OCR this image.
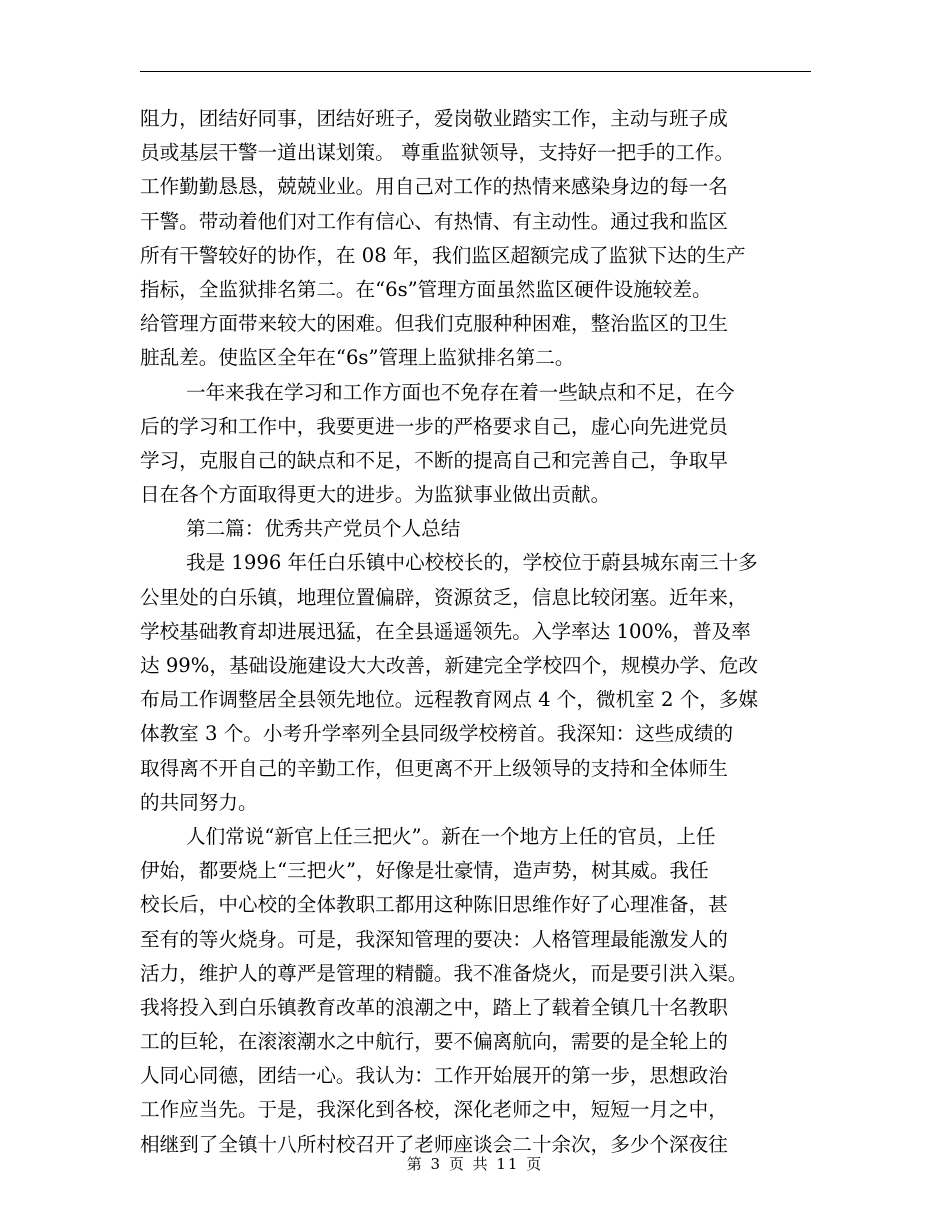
阻力，团结好同事，团结好班子，爱岗敬业踏实工作，主动与班子成
员或基层干警一道出谋划策。 尊重监狱领导，支持好一把手的工作。
工作勤勤恳恳，兢兢业业。用自己对工作的热情来感染身边的每一名
干警。带动着他们对工作有信心、有热情、有主动性。通过我和监区
所有干警较好的协作，在 08 年，我们监区超额完成了监狱下达的生产
指标，全监狱排名第二。在“6s”管理方面虽然监区硬件设施较差。
给管理方面带来较大的困难。但我们克服种种困难，整治监区的卫生
脏乱差。使监区全年在“6s”管理上监狱排名第二。
一年来我在学习和工作方面也不免存在着一些缺点和不足，在今
后的学习和工作中，我要更进一步的严格要求自己，虚心向先进党员
学习，克服自己的缺点和不足，不断的提高自己和完善自己，争取早
日在各个方面取得更大的进步。为监狱事业做出贡献。
第二篇：优秀共产党员个人总结
我是 1996 年任白乐镇中心校校长的，学校位于蔚县城东南三十多
公里处的白乐镇，地理位置偏辟，资源贫乏，信息比较闭塞。近年来，
学校基础教育却进展迅猛，在全县遥遥领先。入学率达 100%，普及率
达 99%，基础设施建设大大改善，新建完全学校四个，规模办学、危改
布局工作调整居全县领先地位。远程教育网点 4 个，微机室 2 个，多媒
体教室 3 个。小考升学率列全县同级学校榜首。我深知：这些成绩的
取得离不开自己的辛勤工作，但更离不开上级领导的支持和全体师生
的共同努力。
人们常说“新官上任三把火”。新在一个地方上任的官员，上任
伊始，都要烧上“三把火”，好像是壮豪情，造声势，树其威。我任
校长后，中心校的全体教职工都用这种陈旧思维作好了心理准备，甚
至有的等火烧身。可是，我深知管理的要决：人格管理最能激发人的
活力，维护人的尊严是管理的精髓。我不准备烧火，而是要引洪入渠。
我将投入到白乐镇教育改革的浪潮之中，踏上了载着全镇几十名教职
工的巨轮，在滚滚潮水之中航行，要不偏离航向，需要的是全轮上的
人同心同德，团结一心。我认为：工作开始展开的第一步，思想政治
工作应当先。于是，我深化到各校，深化老师之中，短短一月之中，
相继到了全镇十八所村校召开了老师座谈会二十余次，多少个深夜往
第 3 页 共 11 页
